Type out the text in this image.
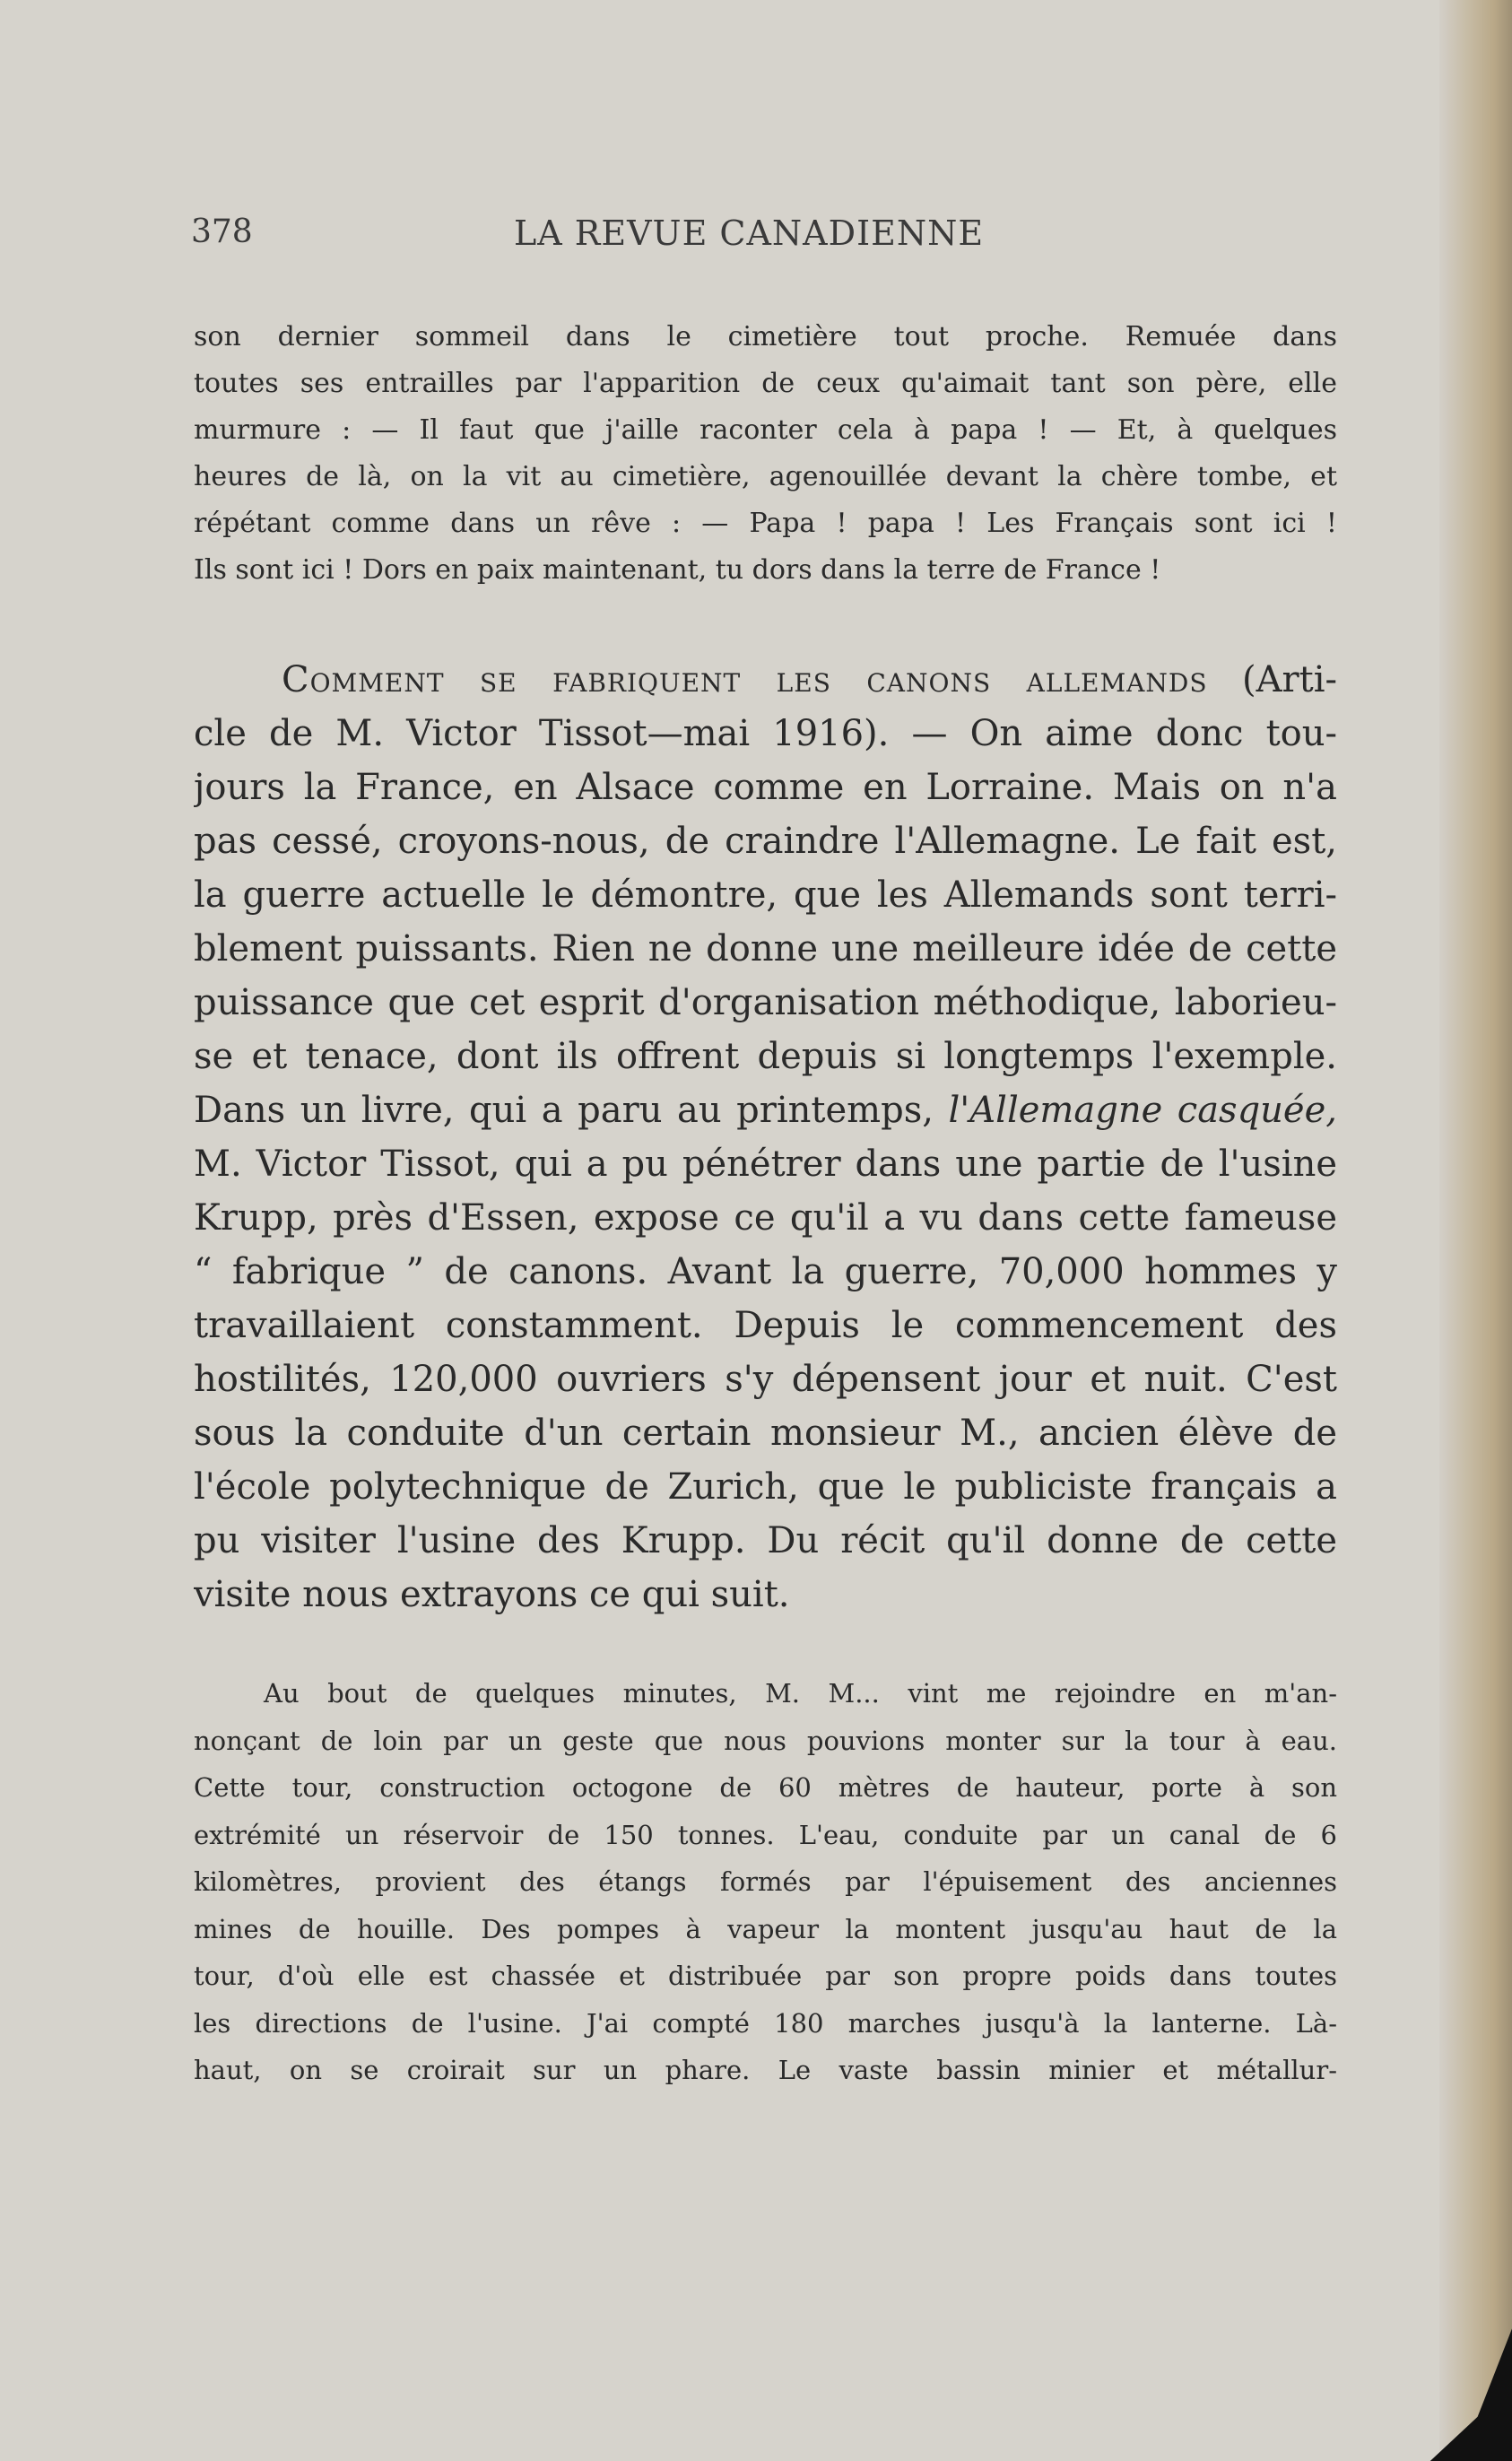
378	LA REVUE CANADIENNE
son dernier sommeil dans le cimetière tout proche. Remuée dans
toutes ses entrailles par l'apparition de ceux qu'aimait tant son père, elle
murmure : — Il faut que j'aille raconter cela à papa ! — Et, à quelques
heures de là, on la vit au cimetière, agenouillée devant la chère tombe, et
répétant comme dans un rêve : — Papa ! papa ! Les Français sont ici !
Ils sont ici ! Dors en paix maintenant, tu dors dans la terre de France !
Comment se fabriquent les canons allemands (Arti-
cle de M. Victor Tissot—mai 1916). — On aime donc tou-
jours la France, en Alsace comme en Lorraine. Mais on n'a
pas cessé, croyons-nous, de craindre l'Allemagne. Le fait est,
la guerre actuelle le démontre, que les Allemands sont terri-
blement puissants. Rien ne donne une meilleure idée de cette
puissance que cet esprit d'organisation méthodique, laborieu-
se et tenace, dont ils offrent depuis si longtemps l'exemple.
Dans un livre, qui a paru au printemps, l'Allemagne casquée,
M. Victor Tissot, qui a pu pénétrer dans une partie de l'usine
Krupp, près d'Essen, expose ce qu'il a vu dans cette fameuse
“ fabrique ” de canons. Avant la guerre, 70,000 hommes y
travaillaient constamment. Depuis le commencement des
hostilités, 120,000 ouvriers s'y dépensent jour et nuit. C'est
sous la conduite d'un certain monsieur M., ancien élève de
l'école polytechnique de Zurich, que le publiciste français a
pu visiter l'usine des Krupp. Du récit qu'il donne de cette
visite nous extrayons ce qui suit.
Au bout de quelques minutes, M. M... vint me rejoindre en m'an-
nonçant de loin par un geste que nous pouvions monter sur la tour à eau.
Cette tour, construction octogone de 60 mètres de hauteur, porte à son
extrémité un réservoir de 150 tonnes. L'eau, conduite par un canal de 6
kilomètres, provient des étangs formés par l'épuisement des anciennes
mines de houille. Des pompes à vapeur la montent jusqu'au haut de la
tour, d'où elle est chassée et distribuée par son propre poids dans toutes
les directions de l'usine. J'ai compté 180 marches jusqu'à la lanterne. Là-
haut, on se croirait sur un phare. Le vaste bassin minier et métallur-
